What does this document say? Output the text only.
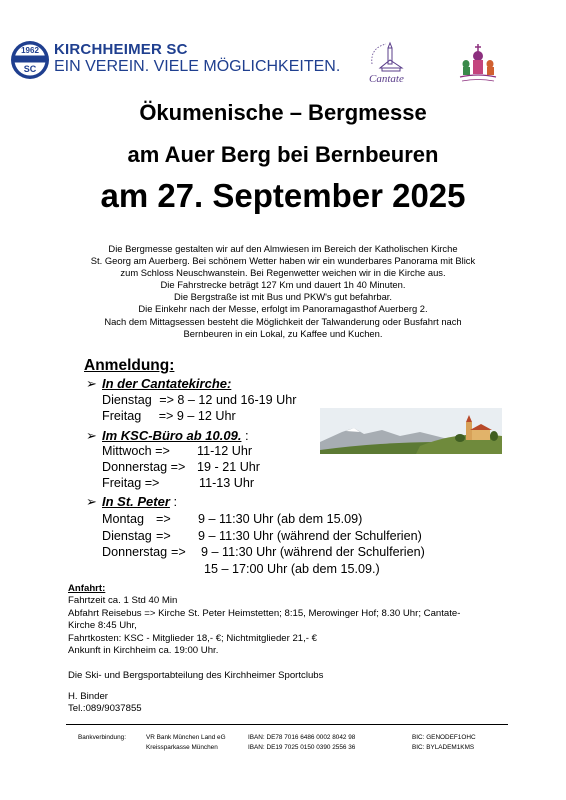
1962
SC
KIRCHHEIMER SC
EIN VEREIN. VIELE MÖGLICHKEITEN.
Cantate
Ökumenische – Bergmesse
am Auer Berg bei Bernbeuren
am 27. September 2025
Die Bergmesse gestalten wir auf den Almwiesen im Bereich der Katholischen Kirche
St. Georg am Auerberg. Bei schönem Wetter haben wir ein wunderbares Panorama mit Blick
zum Schloss Neuschwanstein. Bei Regenwetter weichen wir in die Kirche aus.
Die Fahrstrecke beträgt 127 Km und dauert 1h 40 Minuten.
Die Bergstraße ist mit Bus und PKW's gut befahrbar.
Die Einkehr nach der Messe, erfolgt im Panoramagasthof Auerberg 2.
Nach dem Mittagsessen besteht die Möglichkeit der Talwanderung oder Busfahrt nach
Bernbeuren in ein Lokal, zu Kaffee und Kuchen.
Anmeldung:
➢ In der Cantatekirche:
Dienstag => 8 – 12 und 16-19 Uhr
Freitag => 9 – 12 Uhr
➢ Im KSC-Büro ab 10.09. :
Mittwoch => 11-12 Uhr
Donnerstag => 19 - 21 Uhr
Freitag =>	11-13 Uhr
➢ In St. Peter :
Montag => 9 – 11:30 Uhr (ab dem 15.09)
Dienstag => 9 – 11:30 Uhr (während der Schulferien)
Donnerstag => 9 – 11:30 Uhr (während der Schulferien)
15 – 17:00 Uhr (ab dem 15.09.)
Anfahrt:
Fahrtzeit ca. 1 Std 40 Min
Abfahrt Reisebus => Kirche St. Peter Heimstetten; 8:15, Merowinger Hof; 8.30 Uhr; Cantate-
Kirche 8:45 Uhr,
Fahrtkosten: KSC - Mitglieder 18,- €; Nichtmitglieder 21,- €
Ankunft in Kirchheim ca. 19:00 Uhr.
Die Ski- und Bergsportabteilung des Kirchheimer Sportclubs
H. Binder
Tel.:089/9037855
Bankverbindung:	VR Bank München Land eG
Kreissparkasse München
IBAN: DE78 7016 6486 0002 8042 98
IBAN: DE19 7025 0150 0390 2556 36
BIC: GENODEF1OHC
BIC: BYLADEM1KMS
